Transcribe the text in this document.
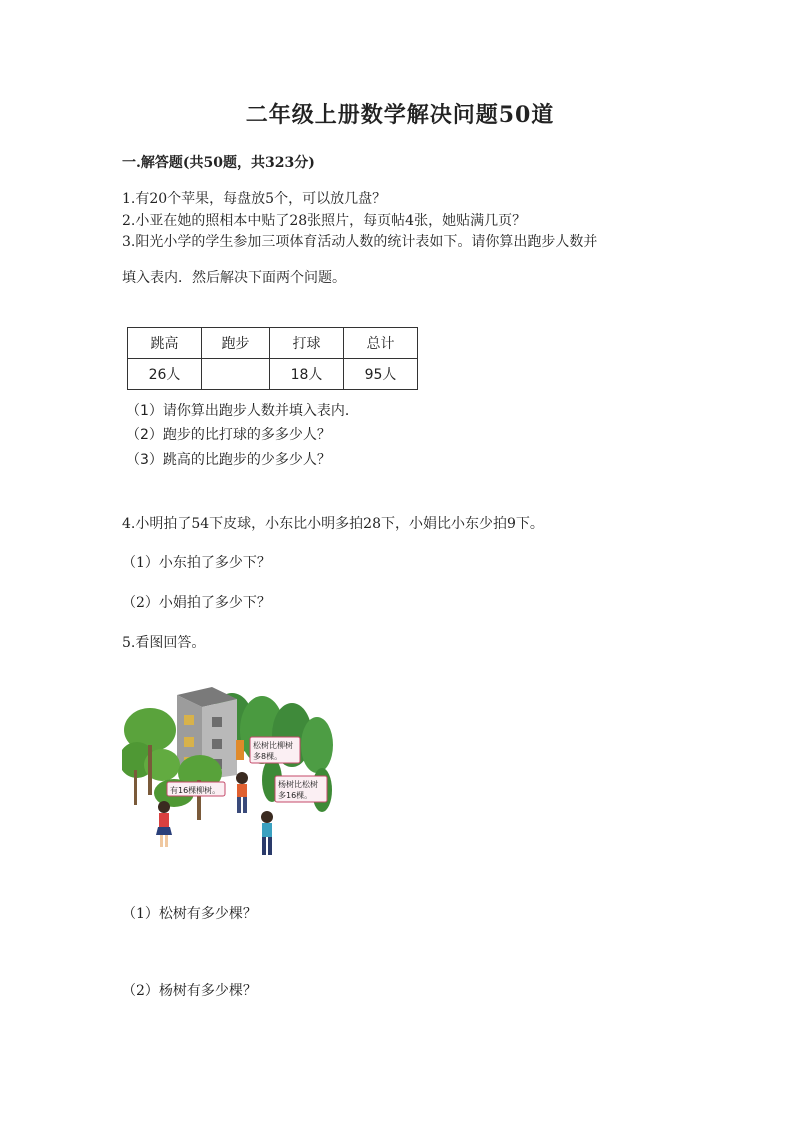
二年级上册数学解决问题50道
一.解答题(共50题，共323分)
1.有20个苹果，每盘放5个，可以放几盘？
2.小亚在她的照相本中贴了28张照片，每页帖4张，她贴满几页？
3.阳光小学的学生参加三项体育活动人数的统计表如下。请你算出跑步人数并
填入表内．然后解决下面两个问题。
跳高	跑步	打球	总计
26人		18人	95人
（1）请你算出跑步人数并填入表内．
（2）跑步的比打球的多多少人？
（3）跳高的比跑步的少多少人？
4.小明拍了54下皮球，小东比小明多拍28下，小娟比小东少拍9下。
（1）小东拍了多少下？
（2）小娟拍了多少下？
5.看图回答。
有16棵柳树。
松树比柳树
多8棵。
杨树比松树
多16棵。
（1）松树有多少棵？
（2）杨树有多少棵？
